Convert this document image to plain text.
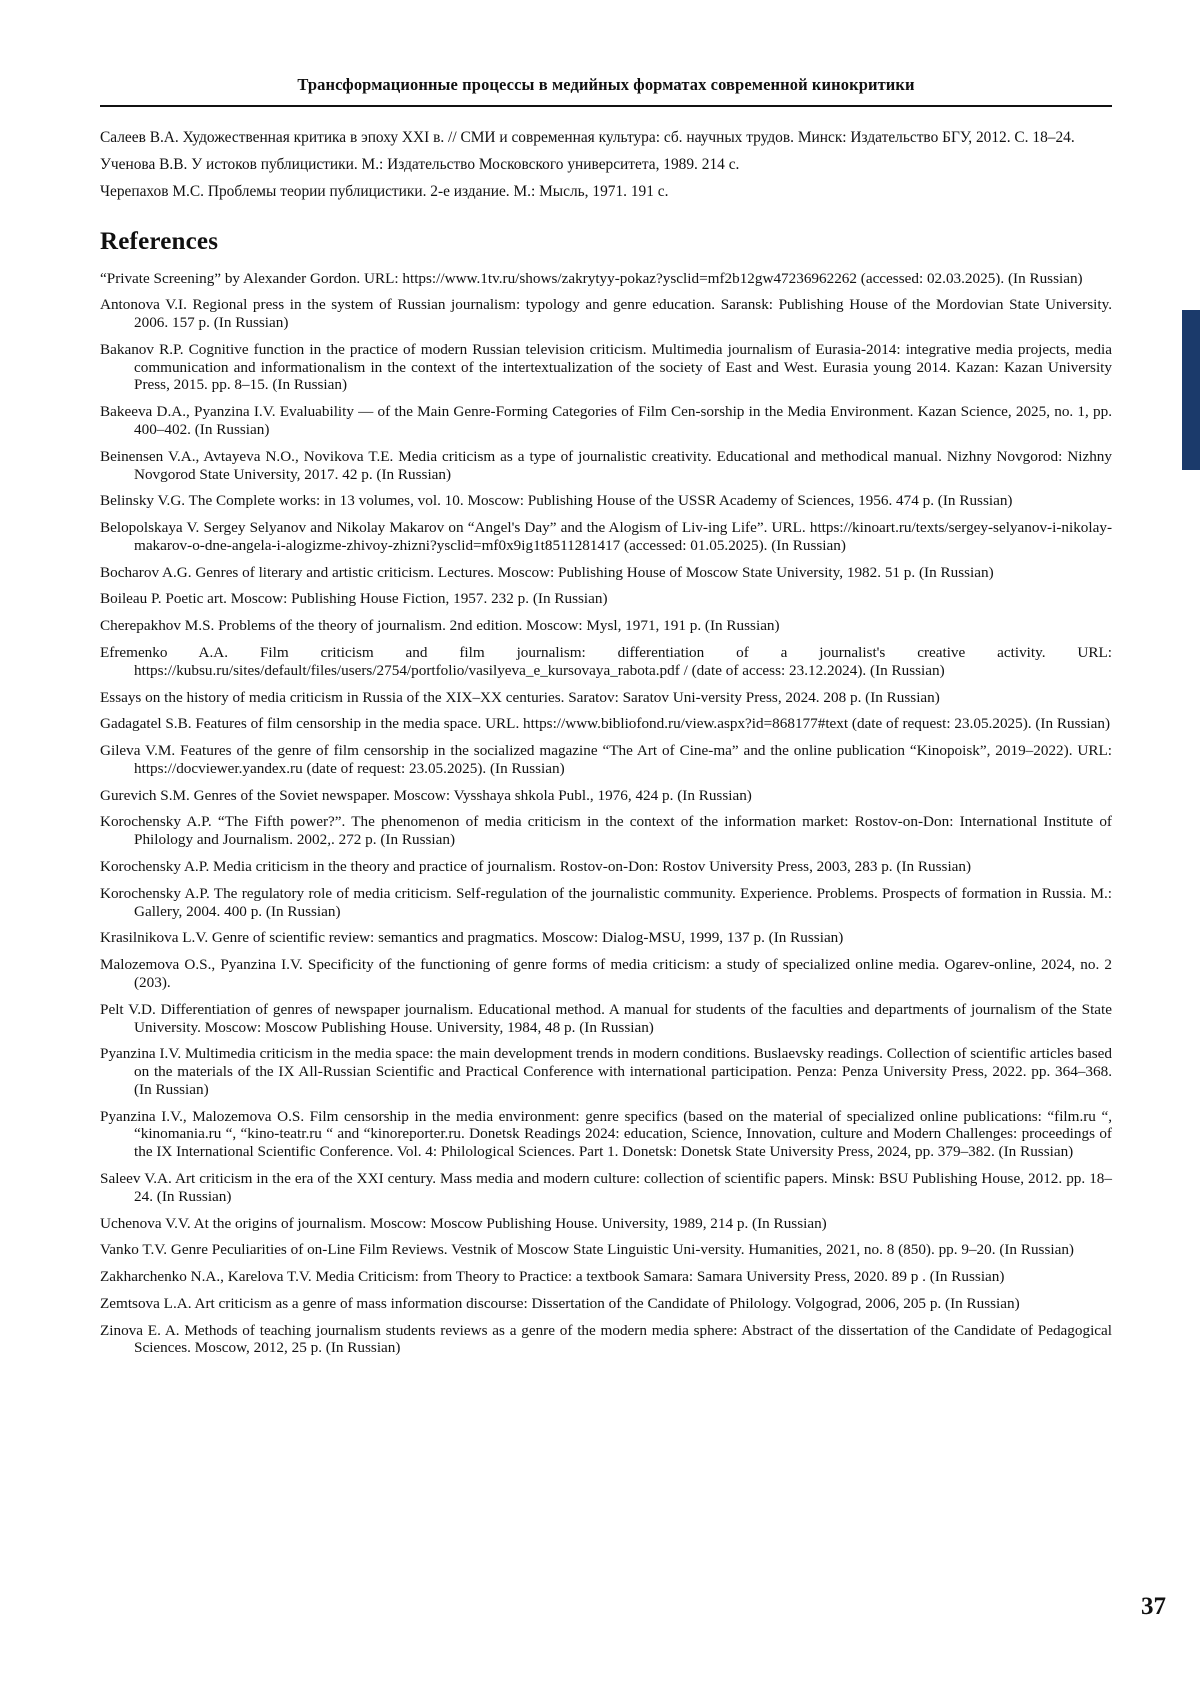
Трансформационные процессы в медийных форматах современной кинокритики

Салеев В.А. Художественная критика в эпоху XXI в. // СМИ и современная культура: сб. научных трудов. Минск: Издательство БГУ, 2012. С. 18–24.

Ученова В.В. У истоков публицистики. М.: Издательство Московского университета, 1989. 214 с.

Черепахов М.С. Проблемы теории публицистики. 2-е издание. М.: Мысль, 1971. 191 с.

References

“Private Screening” by Alexander Gordon. URL: https://www.1tv.ru/shows/zakrytyy-pokaz?ysclid=mf2b12gw47236962262 (accessed: 02.03.2025). (In Russian)

Antonova V.I. Regional press in the system of Russian journalism: typology and genre education. Saransk: Publishing House of the Mordovian State University. 2006. 157 p. (In Russian)

Bakanov R.P. Cognitive function in the practice of modern Russian television criticism. Multimedia journalism of Eurasia-2014: integrative media projects, media communication and informationalism in the context of the intertextualization of the society of East and West. Eurasia young 2014. Kazan: Kazan University Press, 2015. pp. 8–15. (In Russian)

Bakeeva D.A., Pyanzina I.V. Evaluability — of the Main Genre-Forming Categories of Film Cen-sorship in the Media Environment. Kazan Science, 2025, no. 1, pp. 400–402. (In Russian)

Beinensen V.A., Avtayeva N.O., Novikova T.E. Media criticism as a type of journalistic creativity. Educational and methodical manual. Nizhny Novgorod: Nizhny Novgorod State University, 2017. 42 p. (In Russian)

Belinsky V.G. The Complete works: in 13 volumes, vol. 10. Moscow: Publishing House of the USSR Academy of Sciences, 1956. 474 p. (In Russian)

Belopolskaya V. Sergey Selyanov and Nikolay Makarov on “Angel's Day” and the Alogism of Liv-ing Life”. URL. https://kinoart.ru/texts/sergey-selyanov-i-nikolay-makarov-o-dne-angela-i-alogizme-zhivoy-zhizni?ysclid=mf0x9ig1t8511281417 (accessed: 01.05.2025). (In Russian)

Bocharov A.G. Genres of literary and artistic criticism. Lectures. Moscow: Publishing House of Moscow State University, 1982. 51 p. (In Russian)

Boileau P. Poetic art. Moscow: Publishing House Fiction, 1957. 232 p. (In Russian)

Cherepakhov M.S. Problems of the theory of journalism. 2nd edition. Moscow: Mysl, 1971, 191 p. (In Russian)

Efremenko A.A. Film criticism and film journalism: differentiation of a journalist's creative activity. URL: https://kubsu.ru/sites/default/files/users/2754/portfolio/vasilyeva_e_kursovaya_rabota.pdf / (date of access: 23.12.2024). (In Russian)

Essays on the history of media criticism in Russia of the XIX–XX centuries. Saratov: Saratov Uni-versity Press, 2024. 208 p. (In Russian)

Gadagatel S.B. Features of film censorship in the media space. URL. https://www.bibliofond.ru/view.aspx?id=868177#text (date of request: 23.05.2025). (In Russian)

Gileva V.M. Features of the genre of film censorship in the socialized magazine “The Art of Cine-ma” and the online publication “Kinopoisk”, 2019–2022). URL: https://docviewer.yandex.ru (date of request: 23.05.2025). (In Russian)

Gurevich S.M. Genres of the Soviet newspaper. Moscow: Vysshaya shkola Publ., 1976, 424 p. (In Russian)

Korochensky A.P. “The Fifth power?”. The phenomenon of media criticism in the context of the information market: Rostov-on-Don: International Institute of Philology and Journalism. 2002,. 272 p. (In Russian)

Korochensky A.P. Media criticism in the theory and practice of journalism. Rostov-on-Don: Rostov University Press, 2003, 283 p. (In Russian)

Korochensky A.P. The regulatory role of media criticism. Self-regulation of the journalistic community. Experience. Problems. Prospects of formation in Russia. M.: Gallery, 2004. 400 p. (In Russian)

Krasilnikova L.V. Genre of scientific review: semantics and pragmatics. Moscow: Dialog-MSU, 1999, 137 p. (In Russian)

Malozemova O.S., Pyanzina I.V. Specificity of the functioning of genre forms of media criticism: a study of specialized online media. Ogarev-online, 2024, no. 2 (203).

Pelt V.D. Differentiation of genres of newspaper journalism. Educational method. A manual for students of the faculties and departments of journalism of the State University. Moscow: Moscow Publishing House. University, 1984, 48 p. (In Russian)

Pyanzina I.V. Multimedia criticism in the media space: the main development trends in modern conditions. Buslaevsky readings. Collection of scientific articles based on the materials of the IX All-Russian Scientific and Practical Conference with international participation. Penza: Penza University Press, 2022. pp. 364–368. (In Russian)

Pyanzina I.V., Malozemova O.S. Film censorship in the media environment: genre specifics (based on the material of specialized online publications: “film.ru “, “kinomania.ru “, “kino-teatr.ru “ and “kinoreporter.ru. Donetsk Readings 2024: education, Science, Innovation, culture and Modern Challenges: proceedings of the IX International Scientific Conference. Vol. 4: Philological Sciences. Part 1. Donetsk: Donetsk State University Press, 2024, pp. 379–382. (In Russian)

Saleev V.A. Art criticism in the era of the XXI century. Mass media and modern culture: collection of scientific papers. Minsk: BSU Publishing House, 2012. pp. 18–24. (In Russian)

Uchenova V.V. At the origins of journalism. Moscow: Moscow Publishing House. University, 1989, 214 p. (In Russian)

Vanko T.V. Genre Peculiarities of on-Line Film Reviews. Vestnik of Moscow State Linguistic Uni-versity. Humanities, 2021, no. 8 (850). pp. 9–20. (In Russian)

Zakharchenko N.A., Karelova T.V. Media Criticism: from Theory to Practice: a textbook Samara: Samara University Press, 2020. 89 p . (In Russian)

Zemtsova L.A. Art criticism as a genre of mass information discourse: Dissertation of the Candidate of Philology. Volgograd, 2006, 205 p. (In Russian)

Zinova E. A. Methods of teaching journalism students reviews as a genre of the modern media sphere: Abstract of the dissertation of the Candidate of Pedagogical Sciences. Moscow, 2012, 25 p. (In Russian)

37
